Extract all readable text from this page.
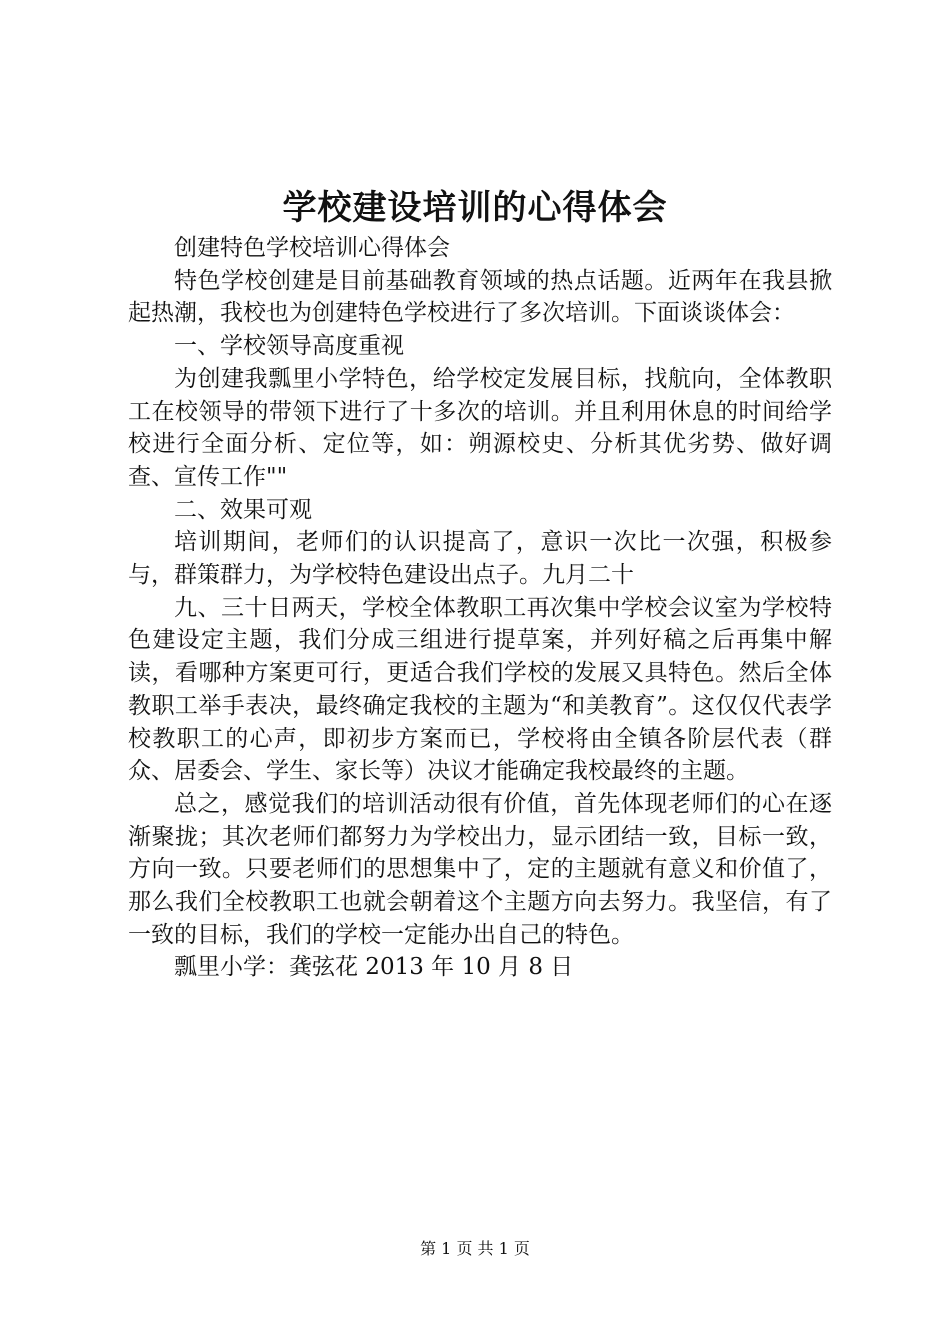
学校建设培训的心得体会

创建特色学校培训心得体会

特色学校创建是目前基础教育领域的热点话题。近两年在我县掀起热潮，我校也为创建特色学校进行了多次培训。下面谈谈体会：

一、学校领导高度重视

为创建我瓢里小学特色，给学校定发展目标，找航向，全体教职工在校领导的带领下进行了十多次的培训。并且利用休息的时间给学校进行全面分析、定位等，如：朔源校史、分析其优劣势、做好调查、宣传工作""

二、效果可观

培训期间，老师们的认识提高了，意识一次比一次强，积极参与，群策群力，为学校特色建设出点子。九月二十

九、三十日两天，学校全体教职工再次集中学校会议室为学校特色建设定主题，我们分成三组进行提草案，并列好稿之后再集中解读，看哪种方案更可行，更适合我们学校的发展又具特色。然后全体教职工举手表决，最终确定我校的主题为“和美教育”。这仅仅代表学校教职工的心声，即初步方案而已，学校将由全镇各阶层代表（群众、居委会、学生、家长等）决议才能确定我校最终的主题。

总之，感觉我们的培训活动很有价值，首先体现老师们的心在逐渐聚拢；其次老师们都努力为学校出力，显示团结一致，目标一致，方向一致。只要老师们的思想集中了，定的主题就有意义和价值了，那么我们全校教职工也就会朝着这个主题方向去努力。我坚信，有了一致的目标，我们的学校一定能办出自己的特色。

瓢里小学：龚弦花 2013 年 10 月 8 日

第 1 页 共 1 页
